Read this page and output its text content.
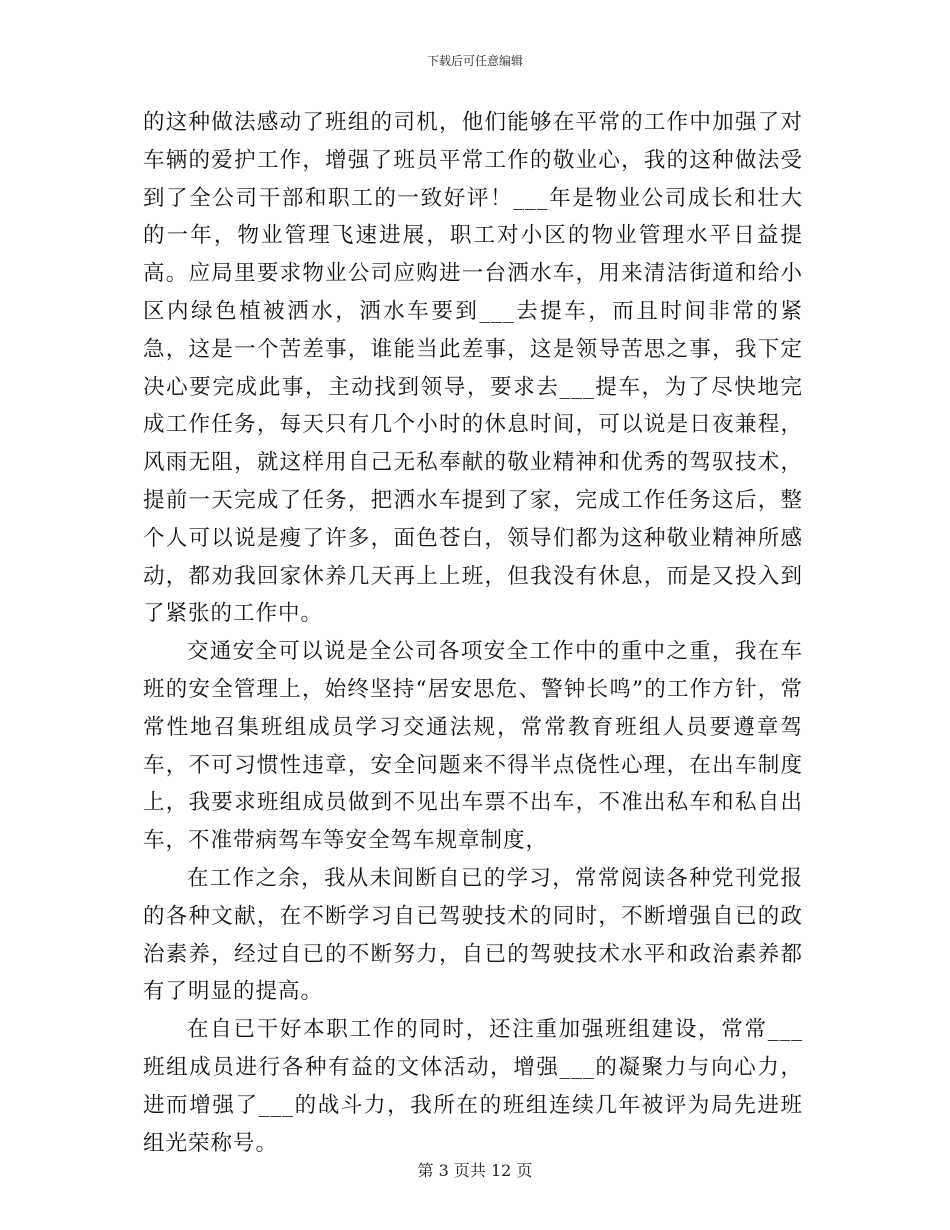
下载后可任意编辑

的这种做法感动了班组的司机，他们能够在平常的工作中加强了对车辆的爱护工作，增强了班员平常工作的敬业心，我的这种做法受到了全公司干部和职工的一致好评！___年是物业公司成长和壮大的一年，物业管理飞速进展，职工对小区的物业管理水平日益提高。应局里要求物业公司应购进一台洒水车，用来清洁街道和给小区内绿色植被洒水，洒水车要到___去提车，而且时间非常的紧急，这是一个苦差事，谁能当此差事，这是领导苦思之事，我下定决心要完成此事，主动找到领导，要求去___提车，为了尽快地完成工作任务，每天只有几个小时的休息时间，可以说是日夜兼程，风雨无阻，就这样用自己无私奉献的敬业精神和优秀的驾驭技术，提前一天完成了任务，把洒水车提到了家，完成工作任务这后，整个人可以说是瘦了许多，面色苍白，领导们都为这种敬业精神所感动，都劝我回家休养几天再上上班，但我没有休息，而是又投入到了紧张的工作中。

交通安全可以说是全公司各项安全工作中的重中之重，我在车班的安全管理上，始终坚持“居安思危、警钟长鸣”的工作方针，常常性地召集班组成员学习交通法规，常常教育班组人员要遵章驾车，不可习惯性违章，安全问题来不得半点侥性心理，在出车制度上，我要求班组成员做到不见出车票不出车，不准出私车和私自出车，不准带病驾车等安全驾车规章制度，

在工作之余，我从未间断自已的学习，常常阅读各种党刊党报的各种文献，在不断学习自已驾驶技术的同时，不断增强自已的政治素养，经过自已的不断努力，自已的驾驶技术水平和政治素养都有了明显的提高。

在自已干好本职工作的同时，还注重加强班组建设，常常___班组成员进行各种有益的文体活动，增强___的凝聚力与向心力，进而增强了___的战斗力，我所在的班组连续几年被评为局先进班组光荣称号。

第 3 页共 12 页
